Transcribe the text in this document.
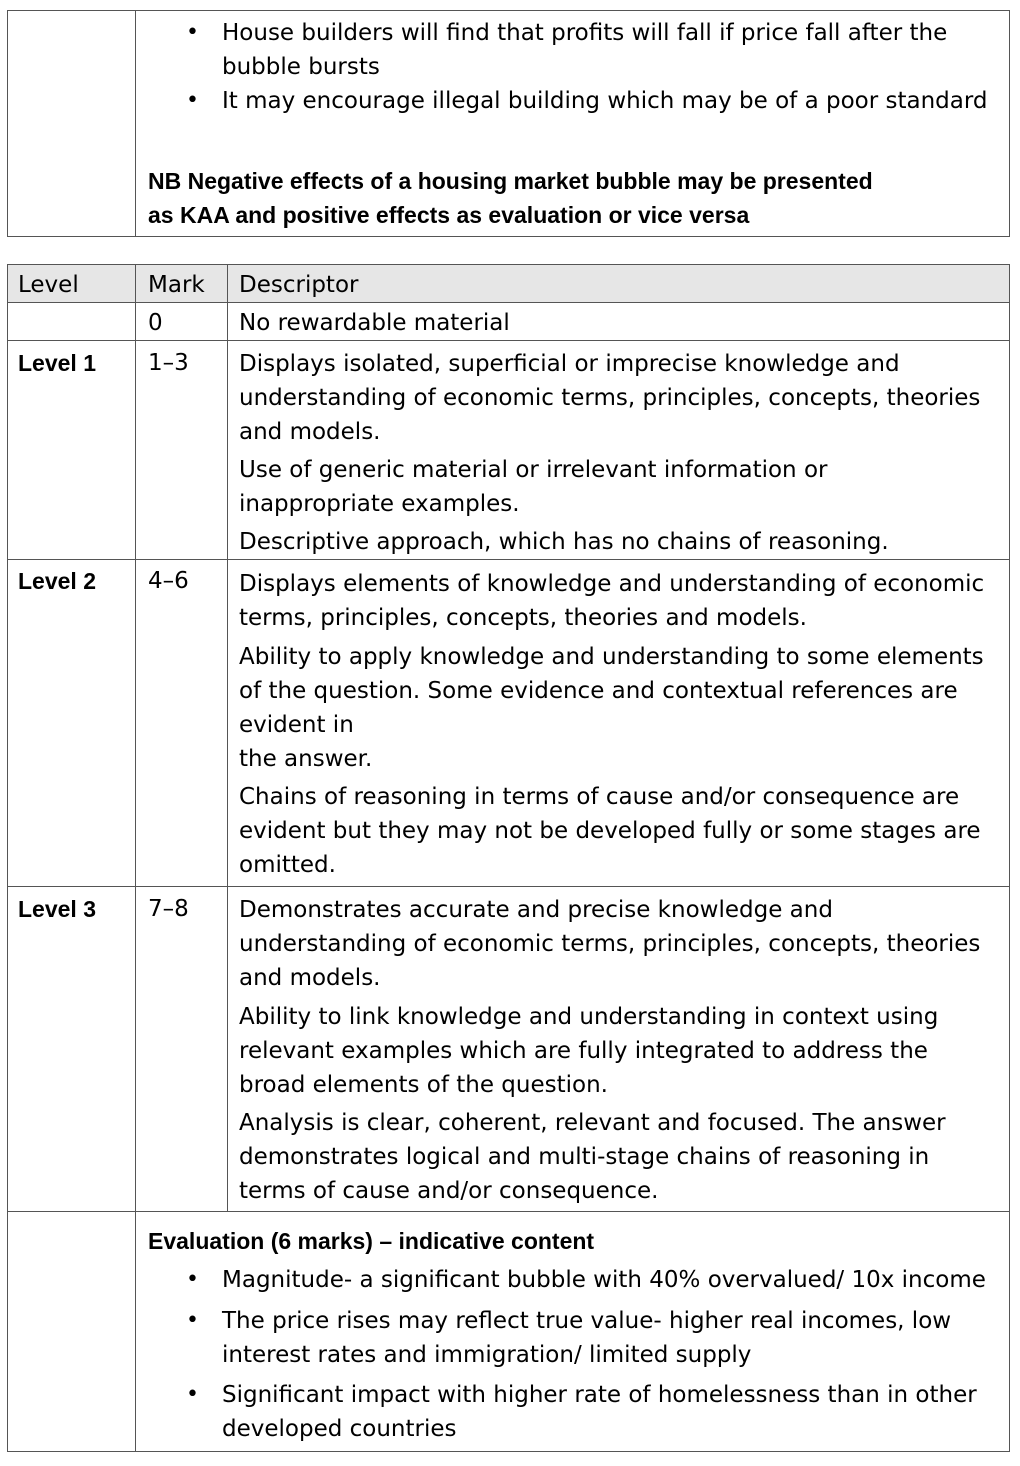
• House builders will find that profits will fall if price fall after the
bubble bursts
• It may encourage illegal building which may be of a poor standard
NB Negative effects of a housing market bubble may be presented
as KAA and positive effects as evaluation or vice versa
Level	Mark Descriptor
0	No rewardable material
Level 1 1–3 Displays isolated, superficial or imprecise knowledge and
understanding of economic terms, principles, concepts, theories
and models.
Use of generic material or irrelevant information or
inappropriate examples.
Descriptive approach, which has no chains of reasoning.
Level 2 4–6 Displays elements of knowledge and understanding of economic
terms, principles, concepts, theories and models.
Ability to apply knowledge and understanding to some elements
of the question. Some evidence and contextual references are
evident in
the answer.
Chains of reasoning in terms of cause and/or consequence are
evident but they may not be developed fully or some stages are
omitted.
Level 3 7–8 Demonstrates accurate and precise knowledge and
understanding of economic terms, principles, concepts, theories
and models.
Ability to link knowledge and understanding in context using
relevant examples which are fully integrated to address the
broad elements of the question.
Analysis is clear, coherent, relevant and focused. The answer
demonstrates logical and multi-stage chains of reasoning in
terms of cause and/or consequence.
Evaluation (6 marks) – indicative content
• Magnitude- a significant bubble with 40% overvalued/ 10x income
• The price rises may reflect true value- higher real incomes, low
interest rates and immigration/ limited supply
• Significant impact with higher rate of homelessness than in other
developed countries
